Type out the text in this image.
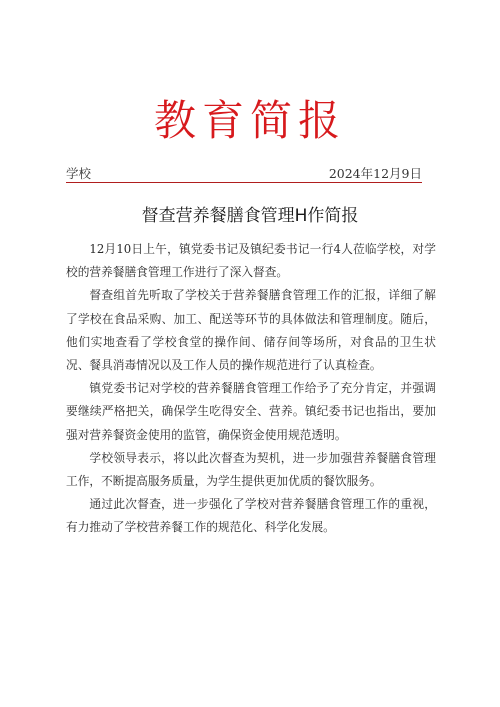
教育简报
学校	2024年12月9日
督查营养餐膳食管理H作简报

12月10日上午，镇党委书记及镇纪委书记一行4人莅临学校，对学校的营养餐膳食管理工作进行了深入督查。

督查组首先听取了学校关于营养餐膳食管理工作的汇报，详细了解了学校在食品采购、加工、配送等环节的具体做法和管理制度。随后，他们实地查看了学校食堂的操作间、储存间等场所，对食品的卫生状况、餐具消毒情况以及工作人员的操作规范进行了认真检查。

镇党委书记对学校的营养餐膳食管理工作给予了充分肯定，并强调要继续严格把关，确保学生吃得安全、营养。镇纪委书记也指出，要加强对营养餐资金使用的监管，确保资金使用规范透明。

学校领导表示，将以此次督查为契机，进一步加强营养餐膳食管理工作，不断提高服务质量，为学生提供更加优质的餐饮服务。

通过此次督查，进一步强化了学校对营养餐膳食管理工作的重视，有力推动了学校营养餐工作的规范化、科学化发展。
